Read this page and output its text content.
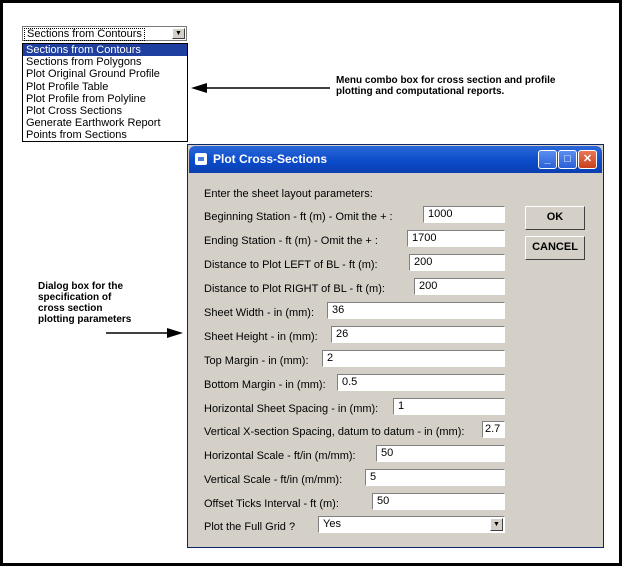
Sections from Contours	▼
Sections from Contours
Sections from Polygons
Plot Original Ground Profile
Plot Profile Table
Plot Profile from Polyline
Plot Cross Sections
Generate Earthwork Report
Points from Sections
Menu combo box for cross section and profile plotting and computational reports.
Dialog box for the specification of cross section plotting parameters
Plot Cross-Sections	_	□	✕
Enter the sheet layout parameters:
Beginning Station - ft (m) - Omit the + :	1000
Ending Station - ft (m) - Omit the + :	1700
Distance to Plot LEFT of BL - ft (m):	200
Distance to Plot RIGHT of BL - ft (m):	200
Sheet Width - in (mm):	36
Sheet Height - in (mm):	26
Top Margin - in (mm):	2
Bottom Margin - in (mm):	0.5
Horizontal Sheet Spacing - in (mm):	1
Vertical X-section Spacing, datum to datum - in (mm): 2.7
Horizontal Scale - ft/in (m/mm):	50
Vertical Scale - ft/in (m/mm):	5
Offset Ticks Interval - ft (m):	50
Plot the Full Grid ?	Yes	▼
OK
CANCEL
